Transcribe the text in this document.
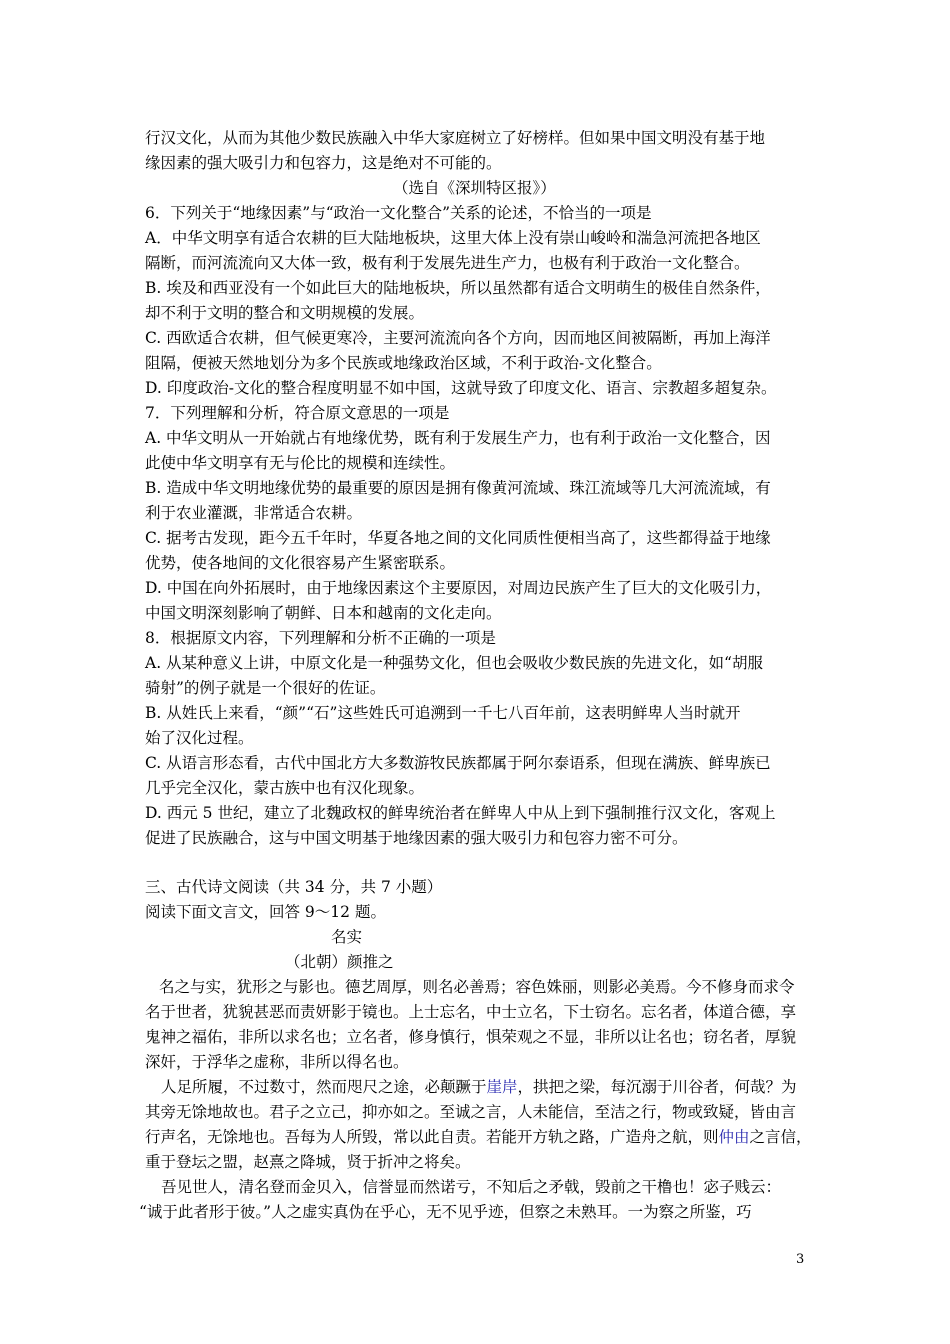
行汉文化，从而为其他少数民族融入中华大家庭树立了好榜样。但如果中国文明没有基于地
缘因素的强大吸引力和包容力，这是绝对不可能的。
（选自《深圳特区报》）
6．下列关于“地缘因素”与“政治一文化整合”关系的论述，不恰当的一项是
A．中华文明享有适合农耕的巨大陆地板块，这里大体上没有崇山峻岭和湍急河流把各地区
隔断，而河流流向又大体一致，极有利于发展先进生产力，也极有利于政治一文化整合。
B. 埃及和西亚没有一个如此巨大的陆地板块，所以虽然都有适合文明萌生的极佳自然条件，
却不利于文明的整合和文明规模的发展。
C. 西欧适合农耕，但气候更寒冷，主要河流流向各个方向，因而地区间被隔断，再加上海洋
阻隔，便被天然地划分为多个民族或地缘政治区域，不利于政治-文化整合。
D. 印度政治-文化的整合程度明显不如中国，这就导致了印度文化、语言、宗教超多超复杂。
7．下列理解和分析，符合原文意思的一项是
A. 中华文明从一开始就占有地缘优势，既有利于发展生产力，也有利于政治一文化整合，因
此使中华文明享有无与伦比的规模和连续性。
B. 造成中华文明地缘优势的最重要的原因是拥有像黄河流域、珠江流域等几大河流流域，有
利于农业灌溉，非常适合农耕。
C. 据考古发现，距今五千年时，华夏各地之间的文化同质性便相当高了，这些都得益于地缘
优势，使各地间的文化很容易产生紧密联系。
D. 中国在向外拓展时，由于地缘因素这个主要原因，对周边民族产生了巨大的文化吸引力，
中国文明深刻影响了朝鲜、日本和越南的文化走向。
8．根据原文内容，下列理解和分析不正确的一项是
A. 从某种意义上讲，中原文化是一种强势文化，但也会吸收少数民族的先进文化，如“胡服
骑射”的例子就是一个很好的佐证。
B. 从姓氏上来看，“颜”“石”这些姓氏可追溯到一千七八百年前，这表明鲜卑人当时就开
始了汉化过程。
C. 从语言形态看，古代中国北方大多数游牧民族都属于阿尔泰语系，但现在满族、鲜卑族已
几乎完全汉化，蒙古族中也有汉化现象。
D. 西元 5 世纪，建立了北魏政权的鲜卑统治者在鲜卑人中从上到下强制推行汉文化，客观上
促进了民族融合，这与中国文明基于地缘因素的强大吸引力和包容力密不可分。
三、古代诗文阅读（共 34 分，共 7 小题）
阅读下面文言文，回答 9～12 题。
名实
（北朝）颜推之
名之与实，犹形之与影也。德艺周厚，则名必善焉；容色姝丽，则影必美焉。今不修身而求令
名于世者，犹貌甚恶而责妍影于镜也。上士忘名，中士立名，下士窃名。忘名者，体道合德，享
鬼神之福佑，非所以求名也；立名者，修身慎行，惧荣观之不显，非所以让名也；窃名者，厚貌
深奸，于浮华之虚称，非所以得名也。
人足所履，不过数寸，然而咫尺之途，必颠蹶于崖岸，拱把之梁，每沉溺于川谷者，何哉？为
其旁无馀地故也。君子之立己，抑亦如之。至诚之言，人未能信，至洁之行，物或致疑，皆由言
行声名，无馀地也。吾每为人所毁，常以此自责。若能开方轨之路，广造舟之航，则仲由之言信，
重于登坛之盟，赵熹之降城，贤于折冲之将矣。
吾见世人，清名登而金贝入，信誉显而然诺亏，不知后之矛戟，毁前之干橹也！宓子贱云：
“诚于此者形于彼。”人之虚实真伪在乎心，无不见乎迹，但察之未熟耳。一为察之所鉴，巧
3
